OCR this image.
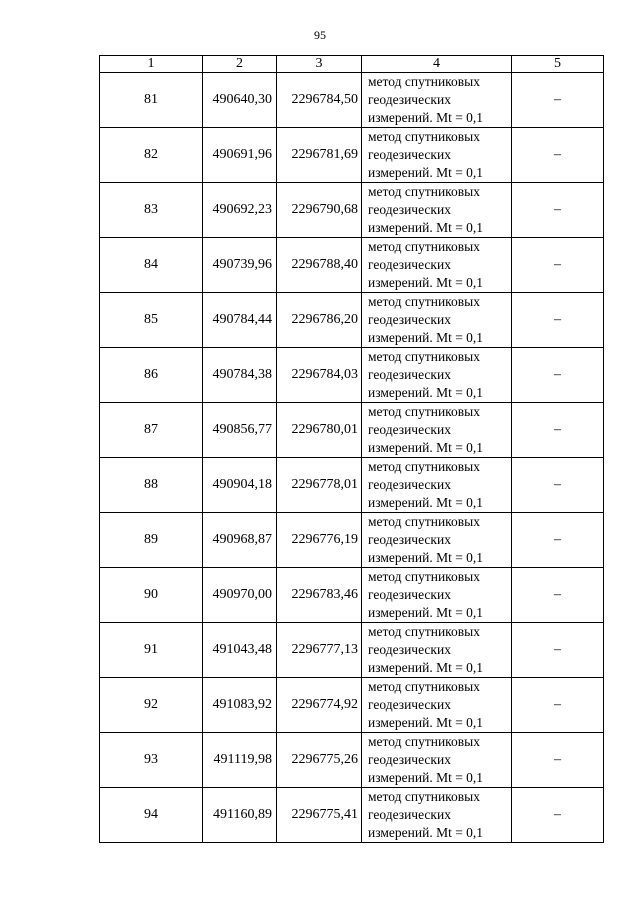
95
1	2	3	4	5
81	490640,30	2296784,50	метод спутниковых
геодезических
измерений. Mt = 0,1	–
82	490691,96	2296781,69	метод спутниковых
геодезических
измерений. Mt = 0,1	–
83	490692,23	2296790,68	метод спутниковых
геодезических
измерений. Mt = 0,1	–
84	490739,96	2296788,40	метод спутниковых
геодезических
измерений. Mt = 0,1	–
85	490784,44	2296786,20	метод спутниковых
геодезических
измерений. Mt = 0,1	–
86	490784,38	2296784,03	метод спутниковых
геодезических
измерений. Mt = 0,1	–
87	490856,77	2296780,01	метод спутниковых
геодезических
измерений. Mt = 0,1	–
88	490904,18	2296778,01	метод спутниковых
геодезических
измерений. Mt = 0,1	–
89	490968,87	2296776,19	метод спутниковых
геодезических
измерений. Mt = 0,1	–
90	490970,00	2296783,46	метод спутниковых
геодезических
измерений. Mt = 0,1	–
91	491043,48	2296777,13	метод спутниковых
геодезических
измерений. Mt = 0,1	–
92	491083,92	2296774,92	метод спутниковых
геодезических
измерений. Mt = 0,1	–
93	491119,98	2296775,26	метод спутниковых
геодезических
измерений. Mt = 0,1	–
94	491160,89	2296775,41	метод спутниковых
геодезических
измерений. Mt = 0,1	–
